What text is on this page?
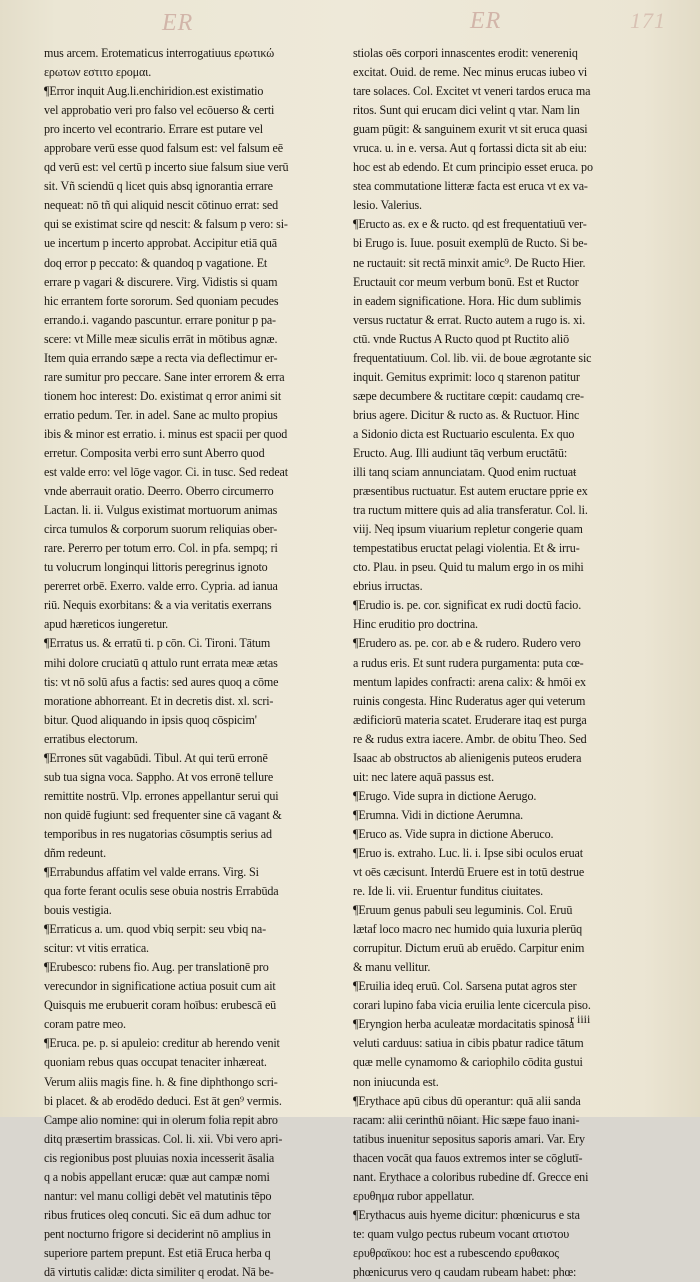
ER	ER	171
mus arcem. Erotematicus interrogatiuus ερωτικώ
ερωτων εστιτο ερομαι.
¶Error inquit Aug.li.enchiridion.est existimatio
vel approbatio veri pro falso vel ecōuerso & certi
pro incerto vel econtrario. Errare est putare vel
approbare verū esse quod falsum est: vel falsum eē
qd verū est: vel certū p incerto siue falsum siue verū
sit. Vñ sciendū q licet quis absq ignorantia errare
nequeat: nō tñ qui aliquid nescit cōtinuo errat: sed
qui se existimat scire qd nescit: & falsum p vero: si-
ue incertum p incerto approbat. Accipitur etiā quā
doq error p peccato: & quandoq p vagatione. Et
errare p vagari & discurere. Virg. Vidistis si quam
hic errantem forte sororum. Sed quoniam pecudes
errando.i. vagando pascuntur. errare ponitur p pa-
scere: vt Mille meæ siculis errāt in mōtibus agnæ.
Item quia errando sæpe a recta via deflectimur er-
rare sumitur pro peccare. Sane inter errorem & erra
tionem hoc interest: Do. existimat q error animi sit
erratio pedum. Ter. in adel. Sane ac multo propius
ibis & minor est erratio. i. minus est spacii per quod
erretur. Composita verbi erro sunt Aberro quod
est valde erro: vel lōge vagor. Ci. in tusc. Sed redeat
vnde aberrauit oratio. Deerro. Oberro circumerro
Lactan. li. ii. Vulgus existimat mortuorum animas
circa tumulos & corporum suorum reliquias ober-
rare. Pererro per totum erro. Col. in pfa. sempq; ri
tu volucrum longinqui littoris peregrinus ignoto
pererret orbē. Exerro. valde erro. Cypria. ad ianua
riū. Nequis exorbitans: & a via veritatis exerrans
apud hæreticos iungeretur.
¶Erratus us. & erratū ti. p cōn. Ci. Tironi. Tātum
mihi dolore cruciatū q attulo runt errata meæ ætas
tis: vt nō solū afus a factis: sed aures quoq a cōme
moratione abhorreant. Et in decretis dist. xl. scri-
bitur. Quod aliquando in ipsis quoq cōspicim'
erratibus electorum.
¶Errones sūt vagabūdi. Tibul. At qui terū erronē
sub tua signa voca. Sappho. At vos erronē tellure
remittite nostrū. Vlp. errones appellantur serui qui
non quidē fugiunt: sed frequenter sine cā vagant &
temporibus in res nugatorias cōsumptis serius ad
dñm redeunt.
¶Errabundus affatim vel valde errans. Virg. Si
qua forte ferant oculis sese obuia nostris Errabūda
bouis vestigia.
¶Erraticus a. um. quod vbiq serpit: seu vbiq na-
scitur: vt vitis erratica.
¶Erubesco: rubens fio. Aug. per translationē pro
verecundor in significatione actiua posuit cum ait
Quisquis me erubuerit coram hoībus: erubescā eū
coram patre meo.
¶Eruca. pe. p. si apuleio: creditur ab herendo venit
quoniam rebus quas occupat tenaciter inhæreat.
Verum aliis magis fine. h. & fine diphthongo scri-
bi placet. & ab erodēdo deduci. Est āt gen⁹ vermis.
Campe alio nomine: qui in olerum folia repit abro
ditq præsertim brassicas. Col. li. xii. Vbi vero apri-
cis regionibus post pluuias noxia incesserit āsalia
q a nobis appellant erucæ: quæ aut campæ nomi
nantur: vel manu colligi debēt vel matutinis tēpo
ribus frutices oleq concuti. Sic eā dum adhuc tor
pent nocturno frigore si deciderint nō amplius in
superiore partem prepunt. Est etiā Eruca herba q
dā virtutis calidæ: dicta similiter q erodat. Nā be-
stiolas oēs corpori innascentes erodit: venereniq
excitat. Ouid. de reme. Nec minus erucas iubeo vi
tare solaces. Col. Excitet vt veneri tardos eruca ma
ritos. Sunt qui erucam dici velint q vtar. Nam lin
guam pūgit: & sanguinem exurit vt sit eruca quasi
vruca. u. in e. versa. Aut q fortassi dicta sit ab eiu:
hoc est ab edendo. Et cum principio esset eruca. po
stea commutatione litteræ facta est eruca vt ex va-
lesio. Valerius.
¶Eructo as. ex e & ructo. qd est frequentatiuū ver-
bi Erugo is. Iuue. posuit exemplū de Ructo. Si be-
ne ructauit: sit rectā minxit amic⁹. De Ructo Hier.
Eructauit cor meum verbum bonū. Est et Ructor
in eadem significatione. Hora. Hic dum sublimis
versus ructatur & errat. Ructo autem a rugo is. xi.
ctū. vnde Ructus A Ructo quod pt Ructito aliō
frequentatiuum. Col. lib. vii. de boue ægrotante sic
inquit. Gemitus exprimit: loco q starenon patitur
sæpe decumbere & ructitare cœpit: caudamq cre-
brius agere. Dicitur & ructo as. & Ructuor. Hinc
a Sidonio dicta est Ructuario esculenta. Ex quo
Eructo. Aug. Illi audiunt tāq verbum eructātū:
illi tanq sciam annunciatam. Quod enim ructuaŧ
præsentibus ructuatur. Est autem eructare pprie ex
tra ructum mittere quis ad alia transferatur. Col. li.
viij. Neq ipsum viuarium repletur congerie quam
tempestatibus eructat pelagi violentia. Et & irru-
cto. Plau. in pseu. Quid tu malum ergo in os mihi
ebrius irructas.
¶Erudio is. pe. cor. significat ex rudi doctū facio.
Hinc eruditio pro doctrina.
¶Erudero as. pe. cor. ab e & rudero. Rudero vero
a rudus eris. Et sunt rudera purgamenta: puta cœ-
mentum lapides confracti: arena calix: & hmōi ex
ruinis congesta. Hinc Ruderatus ager qui veterum
ædificiorū materia scatet. Eruderare itaq est purga
re & rudus extra iacere. Ambr. de obitu Theo. Sed
Isaac ab obstructos ab alienigenis puteos erudera
uit: nec latere aquā passus est.
¶Erugo. Vide supra in dictione Aerugo.
¶Erumna. Vidi in dictione Aerumna.
¶Eruco as. Vide supra in dictione Aberuco.
¶Eruo is. extraho. Luc. li. i. Ipse sibi oculos eruat
vt oēs cæcisunt. Interdū Eruere est in totū destrue
re. Ide li. vii. Eruentur funditus ciuitates.
¶Eruum genus pabuli seu leguminis. Col. Eruū
lætaf loco macro nec humido quia luxuria plerūq
corrupitur. Dictum eruū ab eruēdo. Carpitur enim
& manu vellitur.
¶Eruilia ideq eruū. Col. Sarsena putat agros ster
corari lupino faba vicia eruilia lente cicercula piso.
¶Eryngion herba aculeatæ mordacitatis spinosa
veluti carduus: satiua in cibis pbatur radice tātum
quæ melle cynamomo & cariophilo cōdita gustui
non iniucunda est.
¶Erythace apū cibus dū operantur: quā alii sanda
racam: alii cerinthū nōiant. Hic sæpe fauo inani-
tatibus inuenitur sepositus saporis amari. Var. Ery
thacen vocāt qua fauos extremos inter se cōglutī-
nant. Erythace a coloribus rubedine df. Grecce eni
ερυθημα rubor appellatur.
¶Erythacus auis hyeme dicitur: phœnicurus e sta
te: quam vulgo pectus rubeum vocant ατιστου
ερυθραϊκου: hoc est a rubescendo ερυθακος
phœnicurus vero q caudam rubeam habet: phœ:
r iiii
